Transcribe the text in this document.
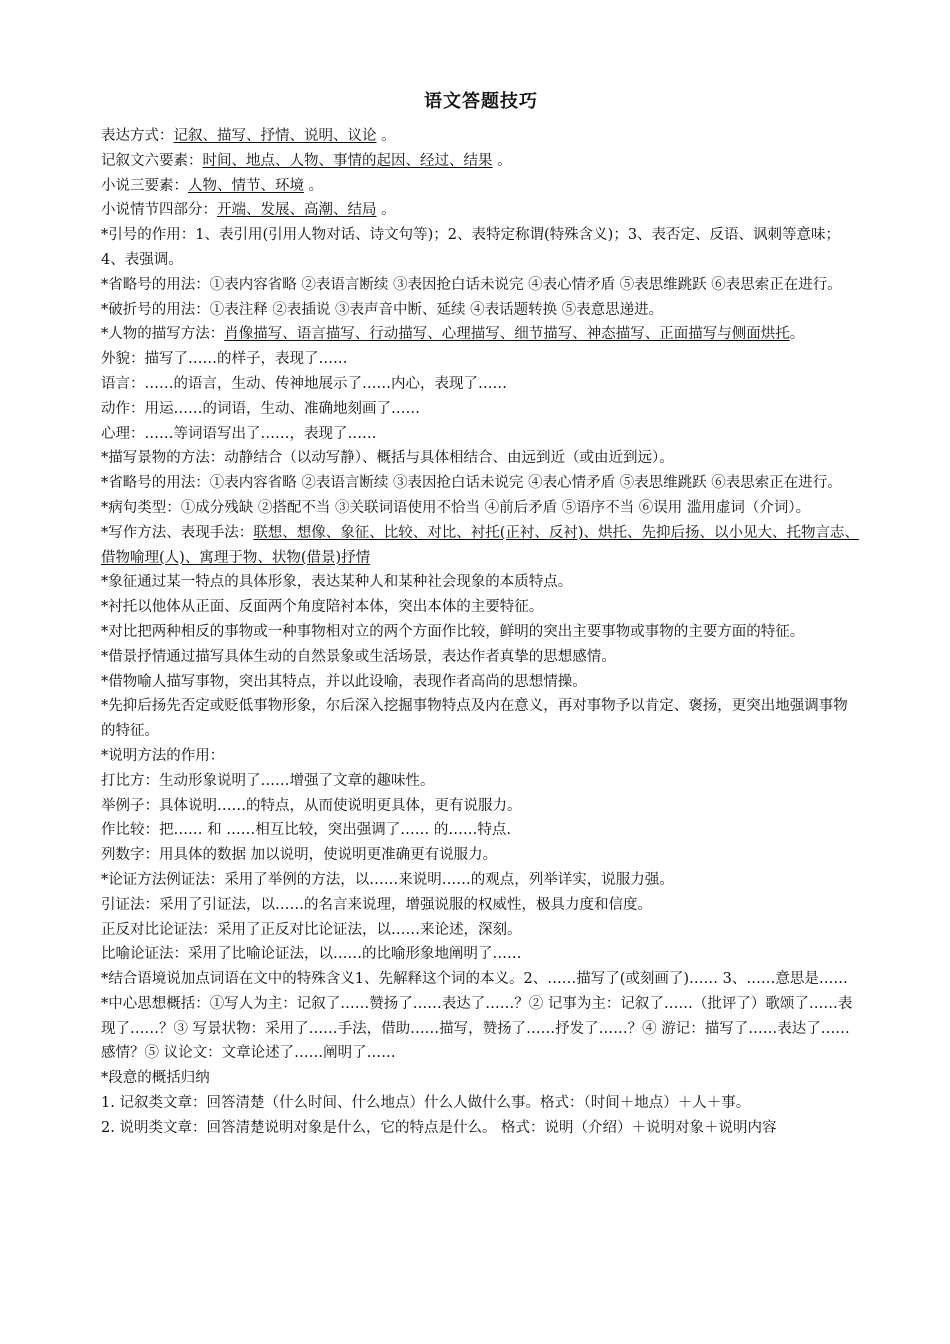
语文答题技巧
表达方式：记叙、描写、抒情、说明、议论 。
记叙文六要素：时间、地点、人物、事情的起因、经过、结果 。
小说三要素：人物、情节、环境 。
小说情节四部分：开端、发展、高潮、结局 。
*引号的作用：1、表引用(引用人物对话、诗文句等)；2、表特定称谓(特殊含义)；3、表否定、反语、讽刺等意味；4、表强调。
*省略号的用法：①表内容省略 ②表语言断续 ③表因抢白话未说完 ④表心情矛盾 ⑤表思维跳跃 ⑥表思索正在进行。
*破折号的用法：①表注释 ②表插说 ③表声音中断、延续 ④表话题转换 ⑤表意思递进。
*人物的描写方法：肖像描写、语言描写、行动描写、心理描写、细节描写、神态描写、正面描写与侧面烘托。
外貌：描写了……的样子，表现了……
语言：……的语言，生动、传神地展示了……内心，表现了……
动作：用运……的词语，生动、准确地刻画了……
心理：……等词语写出了……，表现了……
*描写景物的方法：动静结合（以动写静）、概括与具体相结合、由远到近（或由近到远）。
*省略号的用法：①表内容省略 ②表语言断续 ③表因抢白话未说完 ④表心情矛盾 ⑤表思维跳跃 ⑥表思索正在进行。
*病句类型：①成分残缺 ②搭配不当 ③关联词语使用不恰当 ④前后矛盾 ⑤语序不当 ⑥误用 滥用虚词（介词）。
*写作方法、表现手法：联想、想像、象征、比较、对比、衬托(正衬、反衬)、烘托、先抑后扬、以小见大、托物言志、借物喻理(人)、寓理于物、状物(借景)抒情
*象征通过某一特点的具体形象，表达某种人和某种社会现象的本质特点。
*衬托以他体从正面、反面两个角度陪衬本体，突出本体的主要特征。
*对比把两种相反的事物或一种事物相对立的两个方面作比较，鲜明的突出主要事物或事物的主要方面的特征。
*借景抒情通过描写具体生动的自然景象或生活场景，表达作者真挚的思想感情。
*借物喻人描写事物，突出其特点，并以此设喻，表现作者高尚的思想情操。
*先抑后扬先否定或贬低事物形象，尔后深入挖掘事物特点及内在意义，再对事物予以肯定、褒扬，更突出地强调事物的特征。
*说明方法的作用：
打比方：生动形象说明了……增强了文章的趣味性。
举例子：具体说明……的特点，从而使说明更具体，更有说服力。
作比较：把…… 和 ……相互比较，突出强调了…… 的……特点.
列数字：用具体的数据 加以说明，使说明更准确更有说服力。
*论证方法例证法：采用了举例的方法，以……来说明……的观点，列举详实，说服力强。
引证法：采用了引证法，以……的名言来说理，增强说服的权威性，极具力度和信度。
正反对比论证法：采用了正反对比论证法，以……来论述，深刻。
比喻论证法：采用了比喻论证法，以……的比喻形象地阐明了……
*结合语境说加点词语在文中的特殊含义1、先解释这个词的本义。2、……描写了(或刻画了)…… 3、……意思是……
*中心思想概括：①写人为主：记叙了……赞扬了……表达了……？② 记事为主：记叙了……（批评了）歌颂了……表现了……？③ 写景状物：采用了……手法，借助……描写，赞扬了……抒发了……？④ 游记：描写了……表达了……感情？⑤ 议论文：文章论述了……阐明了……
*段意的概括归纳
1. 记叙类文章：回答清楚（什么时间、什么地点）什么人做什么事。格式：（时间＋地点）＋人＋事。
2. 说明类文章：回答清楚说明对象是什么，它的特点是什么。 格式：说明（介绍）＋说明对象＋说明内容
